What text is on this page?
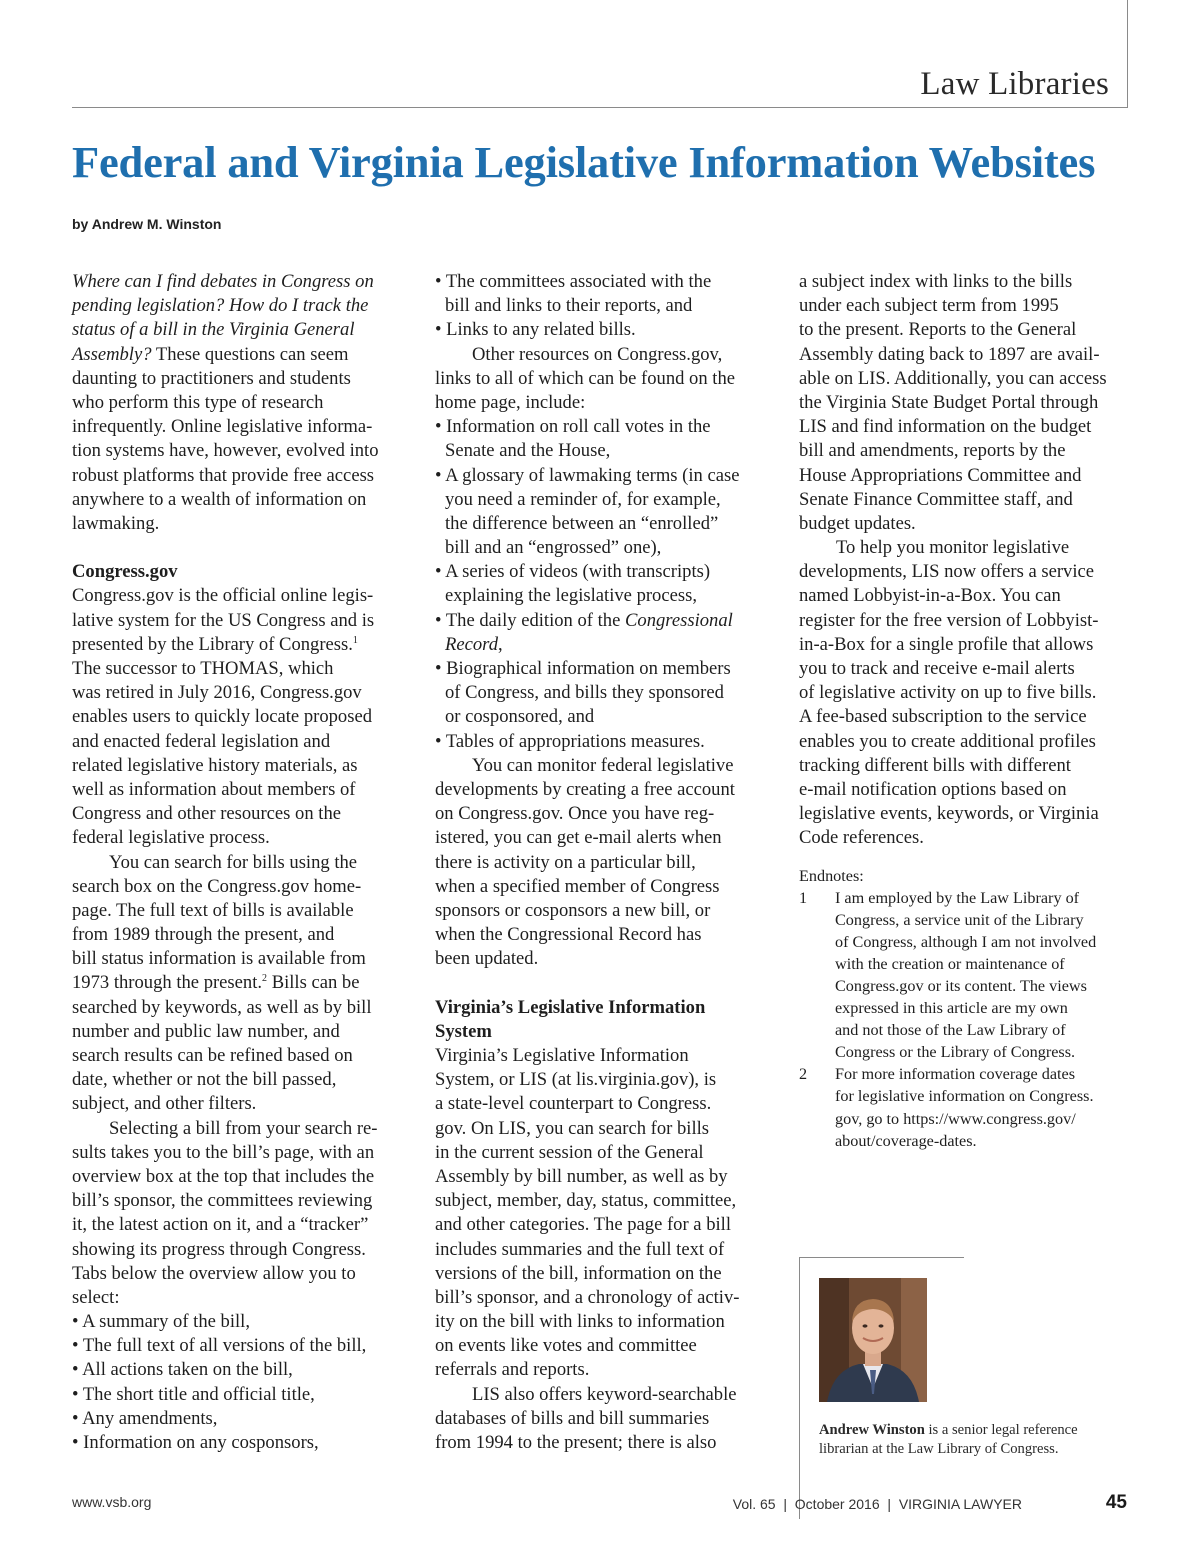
Law Libraries
Federal and Virginia Legislative Information Websites
by Andrew M. Winston
Where can I find debates in Congress on
pending legislation? How do I track the
status of a bill in the Virginia General
Assembly? These questions can seem
daunting to practitioners and students
who perform this type of research
infrequently. Online legislative informa-
tion systems have, however, evolved into
robust platforms that provide free access
anywhere to a wealth of information on
lawmaking.
Congress.gov
Congress.gov is the official online legis-
lative system for the US Congress and is
presented by the Library of Congress.$^1$
The successor to THOMAS, which
was retired in July 2016, Congress.gov
enables users to quickly locate proposed
and enacted federal legislation and
related legislative history materials, as
well as information about members of
Congress and other resources on the
federal legislative process.
You can search for bills using the
search box on the Congress.gov home-
page. The full text of bills is available
from 1989 through the present, and
bill status information is available from
1973 through the present.$^2$ Bills can be
searched by keywords, as well as by bill
number and public law number, and
search results can be refined based on
date, whether or not the bill passed,
subject, and other filters.
Selecting a bill from your search re-
sults takes you to the bill’s page, with an
overview box at the top that includes the
bill’s sponsor, the committees reviewing
it, the latest action on it, and a “tracker”
showing its progress through Congress.
Tabs below the overview allow you to
select:
• A summary of the bill,
• The full text of all versions of the bill,
• All actions taken on the bill,
• The short title and official title,
• Any amendments,
• Information on any cosponsors,
• The committees associated with the
bill and links to their reports, and
• Links to any related bills.
Other resources on Congress.gov,
links to all of which can be found on the
home page, include:
• Information on roll call votes in the
Senate and the House,
• A glossary of lawmaking terms (in case
you need a reminder of, for example,
the difference between an “enrolled”
bill and an “engrossed” one),
• A series of videos (with transcripts)
explaining the legislative process,
• The daily edition of the Congressional
Record,
• Biographical information on members
of Congress, and bills they sponsored
or cosponsored, and
• Tables of appropriations measures.
You can monitor federal legislative
developments by creating a free account
on Congress.gov. Once you have reg-
istered, you can get e-mail alerts when
there is activity on a particular bill,
when a specified member of Congress
sponsors or cosponsors a new bill, or
when the Congressional Record has
been updated.
Virginia’s Legislative Information
System
Virginia’s Legislative Information
System, or LIS (at lis.virginia.gov), is
a state-level counterpart to Congress.
gov. On LIS, you can search for bills
in the current session of the General
Assembly by bill number, as well as by
subject, member, day, status, committee,
and other categories. The page for a bill
includes summaries and the full text of
versions of the bill, information on the
bill’s sponsor, and a chronology of activ-
ity on the bill with links to information
on events like votes and committee
referrals and reports.
LIS also offers keyword-searchable
databases of bills and bill summaries
from 1994 to the present; there is also
a subject index with links to the bills
under each subject term from 1995
to the present. Reports to the General
Assembly dating back to 1897 are avail-
able on LIS. Additionally, you can access
the Virginia State Budget Portal through
LIS and find information on the budget
bill and amendments, reports by the
House Appropriations Committee and
Senate Finance Committee staff, and
budget updates.
To help you monitor legislative
developments, LIS now offers a service
named Lobbyist-in-a-Box. You can
register for the free version of Lobbyist-
in-a-Box for a single profile that allows
you to track and receive e-mail alerts
of legislative activity on up to five bills.
A fee-based subscription to the service
enables you to create additional profiles
tracking different bills with different
e-mail notification options based on
legislative events, keywords, or Virginia
Code references.
Endnotes:
1 I am employed by the Law Library of
Congress, a service unit of the Library
of Congress, although I am not involved
with the creation or maintenance of
Congress.gov or its content. The views
expressed in this article are my own
and not those of the Law Library of
Congress or the Library of Congress.
2 For more information coverage dates
for legislative information on Congress.
gov, go to https://www.congress.gov/
about/coverage-dates.
Andrew Winston is a senior legal reference
librarian at the Law Library of Congress.
www.vsb.org	Vol. 65  |  October 2016  |  VIRGINIA LAWYER	45
